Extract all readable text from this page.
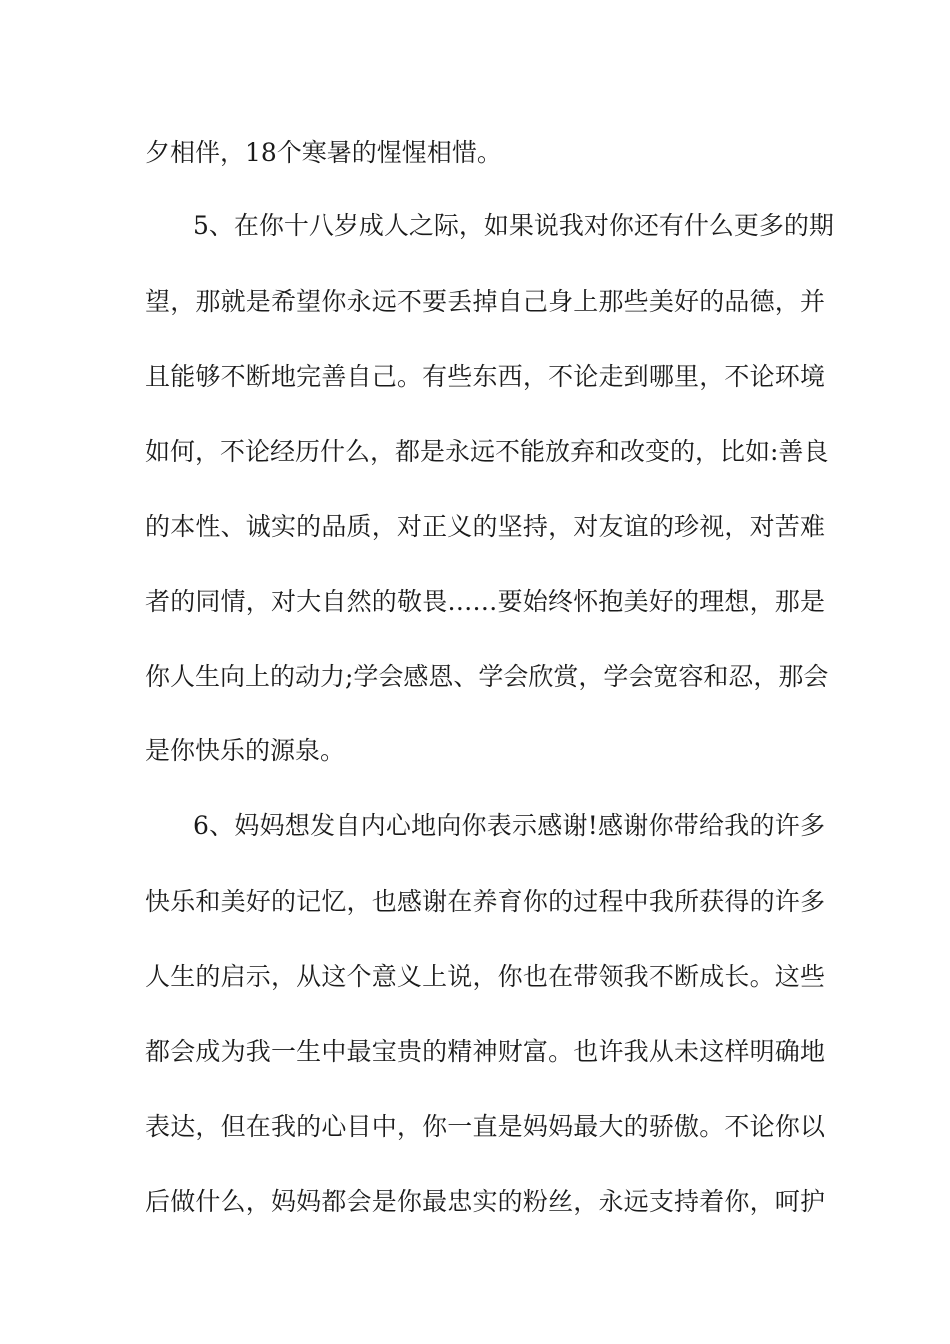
夕相伴，18个寒暑的惺惺相惜。
5、在你十八岁成人之际，如果说我对你还有什么更多的期
望，那就是希望你永远不要丢掉自己身上那些美好的品德，并
且能够不断地完善自己。有些东西，不论走到哪里，不论环境
如何，不论经历什么，都是永远不能放弃和改变的，比如:善良
的本性、诚实的品质，对正义的坚持，对友谊的珍视，对苦难
者的同情，对大自然的敬畏……要始终怀抱美好的理想，那是
你人生向上的动力;学会感恩、学会欣赏，学会宽容和忍，那会
是你快乐的源泉。
6、妈妈想发自内心地向你表示感谢!感谢你带给我的许多
快乐和美好的记忆，也感谢在养育你的过程中我所获得的许多
人生的启示，从这个意义上说，你也在带领我不断成长。这些
都会成为我一生中最宝贵的精神财富。也许我从未这样明确地
表达，但在我的心目中，你一直是妈妈最大的骄傲。不论你以
后做什么，妈妈都会是你最忠实的粉丝，永远支持着你，呵护
